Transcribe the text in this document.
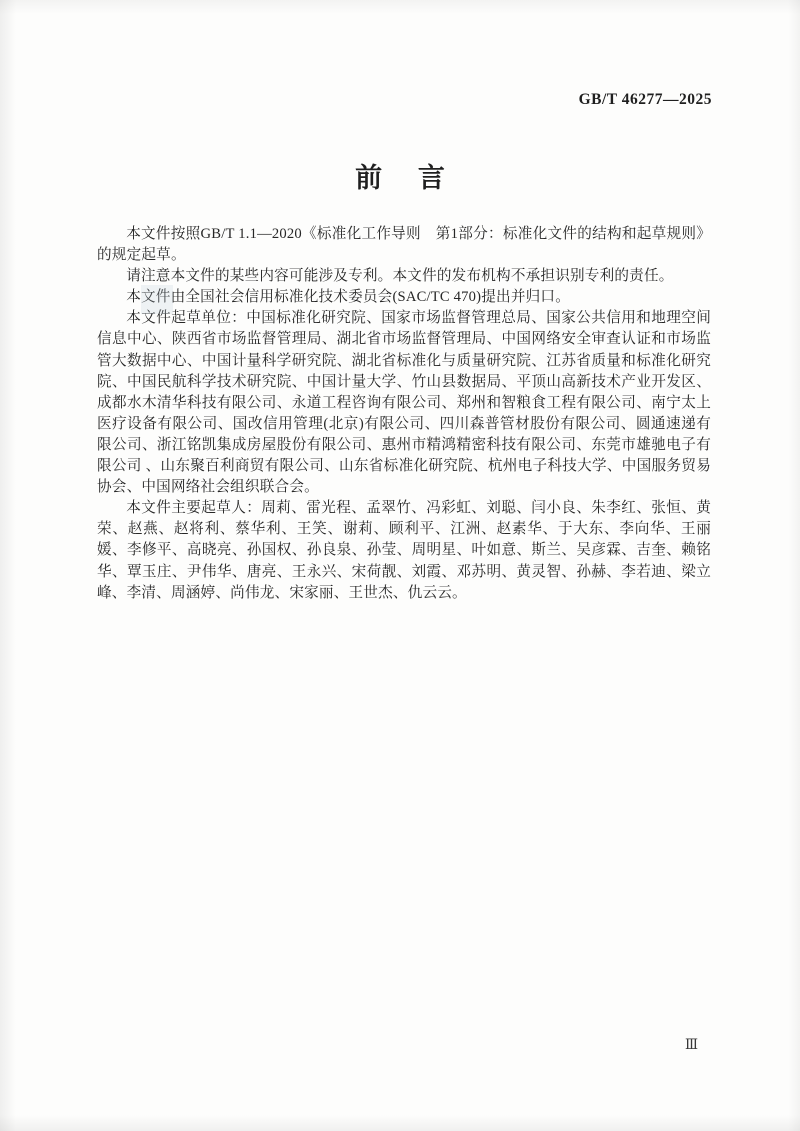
GB/T 46277—2025
前 言

本文件按照GB/T 1.1—2020《标准化工作导则　第1部分：标准化文件的结构和起草规则》的规定起草。

请注意本文件的某些内容可能涉及专利。本文件的发布机构不承担识别专利的责任。

本文件由全国社会信用标准化技术委员会(SAC/TC 470)提出并归口。

本文件起草单位：中国标准化研究院、国家市场监督管理总局、国家公共信用和地理空间信息中心、陕西省市场监督管理局、湖北省市场监督管理局、中国网络安全审查认证和市场监管大数据中心、中国计量科学研究院、湖北省标准化与质量研究院、江苏省质量和标准化研究院、中国民航科学技术研究院、中国计量大学、竹山县数据局、平顶山高新技术产业开发区、成都水木清华科技有限公司、永道工程咨询有限公司、郑州和智粮食工程有限公司、南宁太上医疗设备有限公司、国改信用管理(北京)有限公司、四川森普管材股份有限公司、圆通速递有限公司、浙江铭凯集成房屋股份有限公司、惠州市精鸿精密科技有限公司、东莞市雄驰电子有限公司 、山东聚百利商贸有限公司、山东省标准化研究院、杭州电子科技大学、中国服务贸易协会、中国网络社会组织联合会。

本文件主要起草人：周莉、雷光程、孟翠竹、冯彩虹、刘聪、闫小良、朱李红、张恒、黄荣、赵燕、赵将利、蔡华利、王笑、谢莉、顾利平、江洲、赵素华、于大东、李向华、王丽媛、李修平、高晓亮、孙国权、孙良泉、孙莹、周明星、叶如意、斯兰、吴彦霖、吉奎、赖铭华、覃玉庄、尹伟华、唐亮、王永兴、宋荷靓、刘霞、邓苏明、黄灵智、孙赫、李若迪、梁立峰、李清、周涵婷、尚伟龙、宋家丽、王世杰、仇云云。

Ⅲ
